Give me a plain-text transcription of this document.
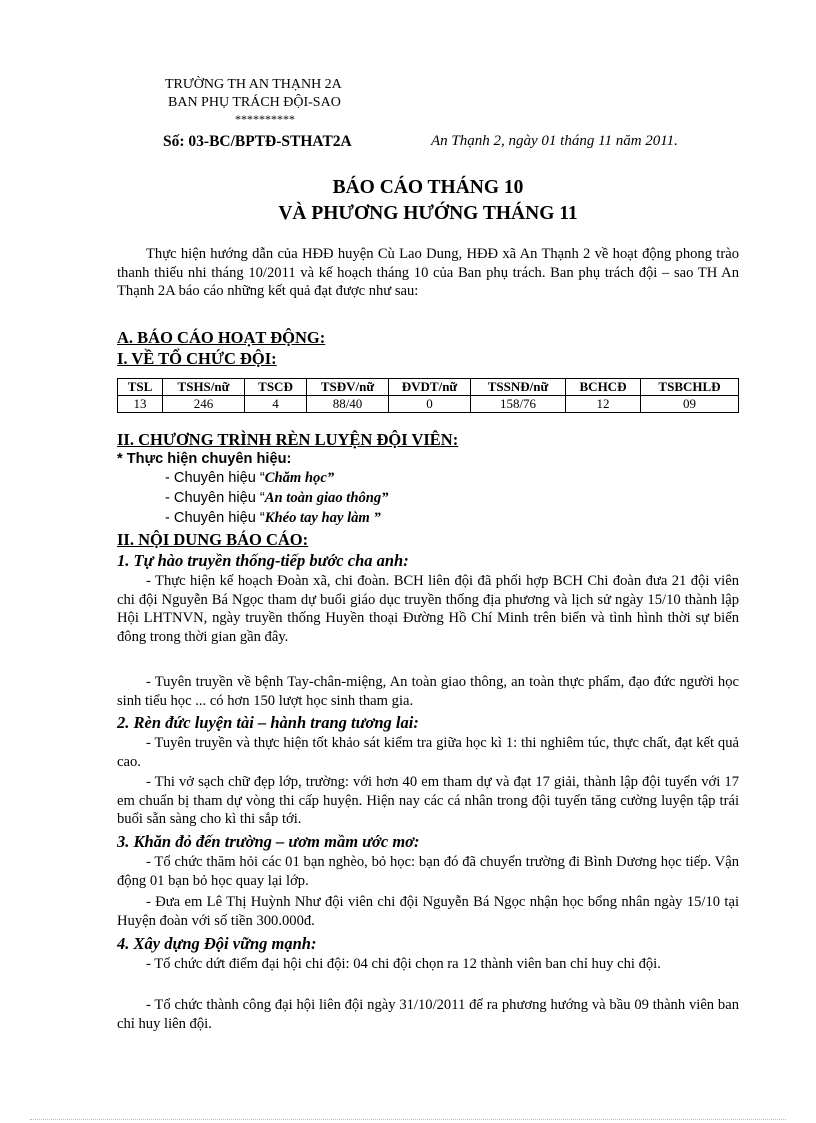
TRƯỜNG TH AN THẠNH 2A
BAN PHỤ TRÁCH ĐỘI-SAO
**********
Số: 03-BC/BPTĐ-STHAT2A	An Thạnh 2, ngày 01 tháng 11 năm 2011.
BÁO CÁO THÁNG 10
VÀ PHƯƠNG HƯỚNG THÁNG 11
Thực hiện hướng dẫn của HĐĐ huyện Cù Lao Dung, HĐĐ xã An Thạnh 2 về hoạt động phong trào thanh thiếu nhi tháng 10/2011 và kế hoạch tháng 10 của Ban phụ trách. Ban phụ trách đội – sao TH An Thạnh 2A báo cáo những kết quả đạt được như sau:
A. BÁO CÁO HOẠT ĐỘNG:
I. VỀ TỔ CHỨC ĐỘI:
TSL	TSHS/nữ	TSCĐ	TSĐV/nữ	ĐVDT/nữ	TSSNĐ/nữ	BCHCĐ	TSBCHLĐ
13	246	4	88/40	0	158/76	12	09
II. CHƯƠNG TRÌNH RÈN LUYỆN ĐỘI VIÊN:
* Thực hiện chuyên hiệu:
- Chuyên hiệu “Chăm học”
- Chuyên hiệu “An toàn giao thông”
- Chuyên hiệu “Khéo tay hay làm ”
II. NỘI DUNG BÁO CÁO:
1. Tự hào truyền thống-tiếp bước cha anh:
- Thực hiện kế hoạch Đoàn xã, chi đoàn. BCH liên đội đã phối hợp BCH Chi đoàn đưa 21 đội viên chi đội Nguyễn Bá Ngọc tham dự buổi giáo dục truyền thống địa phương và lịch sử ngày 15/10 thành lập Hội LHTNVN, ngày truyền thống Huyền thoại Đường Hồ Chí Minh trên biển và tình hình thời sự biển đông trong thời gian gần đây.
- Tuyên truyền về bệnh Tay-chân-miệng, An toàn giao thông, an toàn thực phẩm, đạo đức người học sinh tiểu học ... có hơn 150 lượt học sinh tham gia.
2. Rèn đức luyện tài – hành trang tương lai:
- Tuyên truyền và thực hiện tốt khảo sát kiểm tra giữa học kì 1: thi nghiêm túc, thực chất, đạt kết quả cao.
- Thi vở sạch chữ đẹp lớp, trường: với hơn 40 em tham dự và đạt 17 giải, thành lập đội tuyển với 17 em chuẩn bị tham dự vòng thi cấp huyện. Hiện nay các cá nhân trong đội tuyển tăng cường luyện tập trái buổi sẵn sàng cho kì thi sắp tới.
3. Khăn đỏ đến trường – ươm mầm ước mơ:
- Tổ chức thăm hỏi các 01 bạn nghèo, bỏ học: bạn đó đã chuyển trường đi Bình Dương học tiếp. Vận động 01 bạn bỏ học quay lại lớp.
- Đưa em Lê Thị Huỳnh Như đội viên chi đội Nguyễn Bá Ngọc nhận học bổng nhân ngày 15/10 tại Huyện đoàn với số tiền 300.000đ.
4. Xây dựng Đội vững mạnh:
- Tổ chức dứt điểm đại hội chi đội: 04 chi đội chọn ra 12 thành viên ban chỉ huy chi đội.
- Tổ chức thành công đại hội liên đội ngày 31/10/2011 để ra phương hướng và bầu 09 thành viên ban chỉ huy liên đội.
